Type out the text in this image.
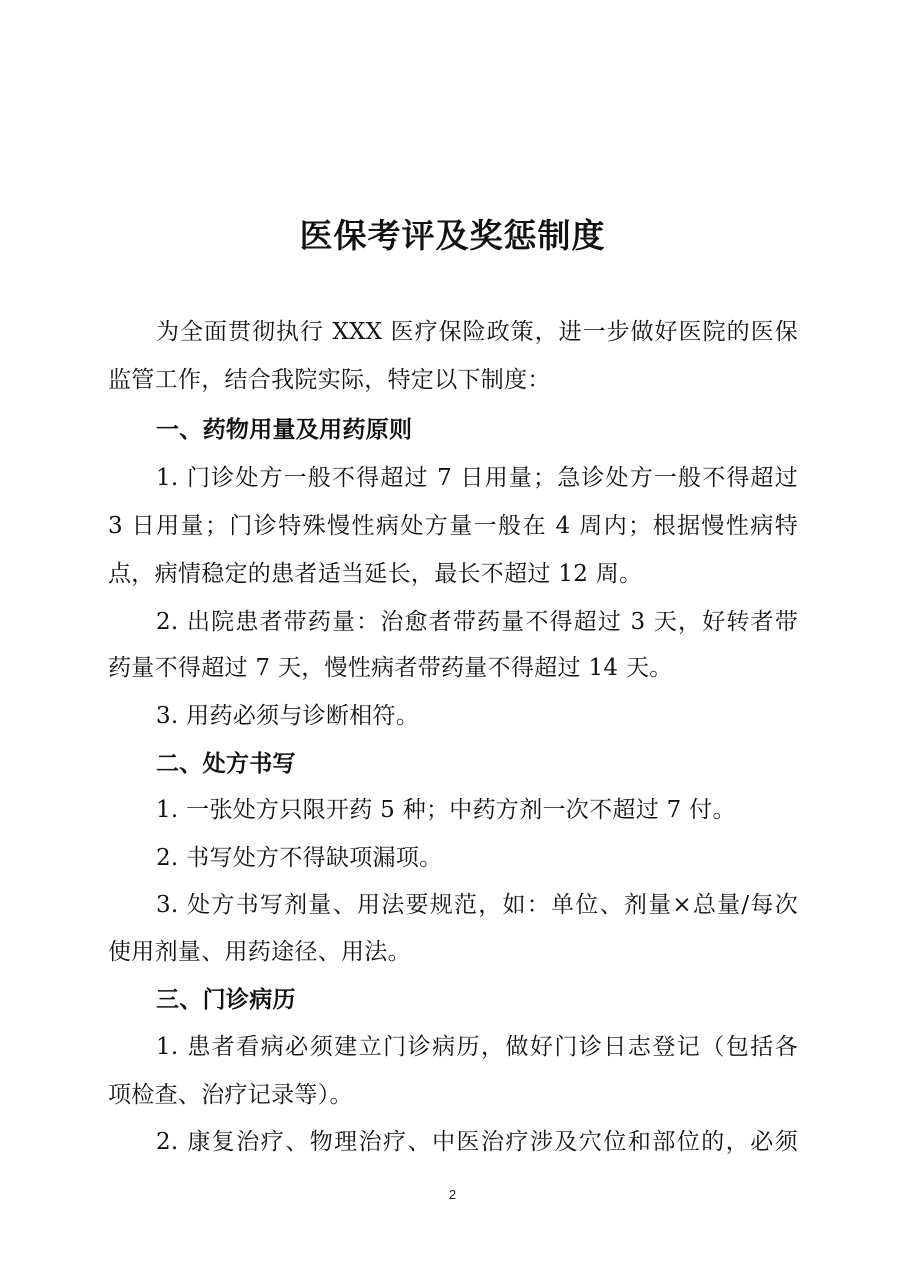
医保考评及奖惩制度
为全面贯彻执行 XXX 医疗保险政策，进一步做好医院的医保
监管工作，结合我院实际，特定以下制度：
一、药物用量及用药原则
1. 门诊处方一般不得超过 7 日用量；急诊处方一般不得超过
3 日用量；门诊特殊慢性病处方量一般在 4 周内；根据慢性病特
点，病情稳定的患者适当延长，最长不超过 12 周。
2. 出院患者带药量：治愈者带药量不得超过 3 天，好转者带
药量不得超过 7 天，慢性病者带药量不得超过 14 天。
3. 用药必须与诊断相符。
二、处方书写
1. 一张处方只限开药 5 种；中药方剂一次不超过 7 付。
2. 书写处方不得缺项漏项。
3. 处方书写剂量、用法要规范，如：单位、剂量×总量/每次
使用剂量、用药途径、用法。
三、门诊病历
1. 患者看病必须建立门诊病历，做好门诊日志登记（包括各
项检查、治疗记录等）。
2. 康复治疗、物理治疗、中医治疗涉及穴位和部位的，必须
2
